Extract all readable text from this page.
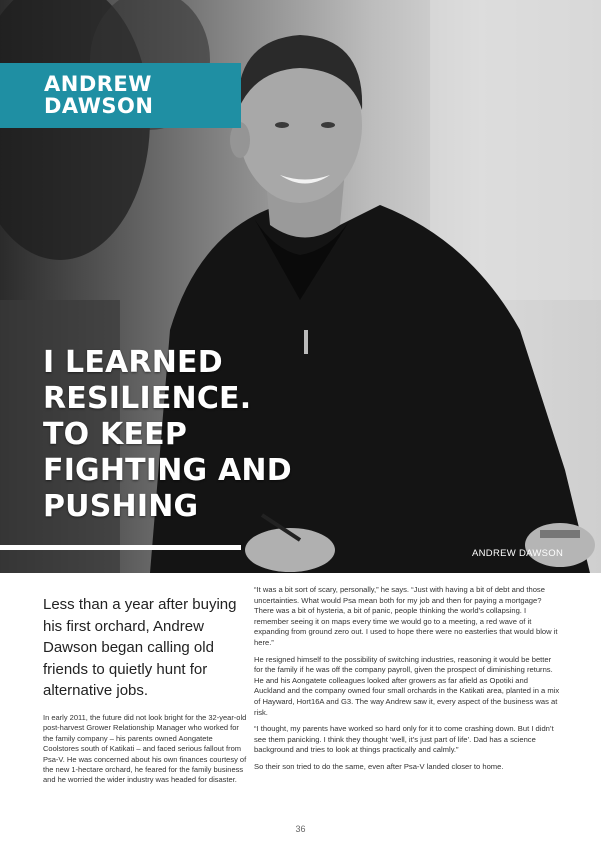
ANDREW
DAWSON
I LEARNED
RESILIENCE.
TO KEEP
FIGHTING AND
PUSHING
ANDREW DAWSON

Less than a year after buying his first orchard, Andrew Dawson began calling old friends to quietly hunt for alternative jobs.

In early 2011, the future did not look bright for the 32-year-old post-harvest Grower Relationship Manager who worked for the family company – his parents owned Aongatete Coolstores south of Katikati – and faced serious fallout from Psa-V. He was concerned about his own finances courtesy of the new 1-hectare orchard, he feared for the family business and he worried the wider industry was headed for disaster.

“It was a bit sort of scary, personally,” he says. “Just with having a bit of debt and those uncertainties. What would Psa mean both for my job and then for paying a mortgage? There was a bit of hysteria, a bit of panic, people thinking the world’s collapsing. I remember seeing it on maps every time we would go to a meeting, a red wave of it expanding from ground zero out. I used to hope there were no easterlies that would blow it here.”

He resigned himself to the possibility of switching industries, reasoning it would be better for the family if he was off the company payroll, given the prospect of diminishing returns. He and his Aongatete colleagues looked after growers as far afield as Opotiki and Auckland and the company owned four small orchards in the Katikati area, planted in a mix of Hayward, Hort16A and G3. The way Andrew saw it, every aspect of the business was at risk.

“I thought, my parents have worked so hard only for it to come crashing down. But I didn’t see them panicking. I think they thought ‘well, it’s just part of life’. Dad has a science background and tries to look at things practically and calmly.”

So their son tried to do the same, even after Psa-V landed closer to home.

36
